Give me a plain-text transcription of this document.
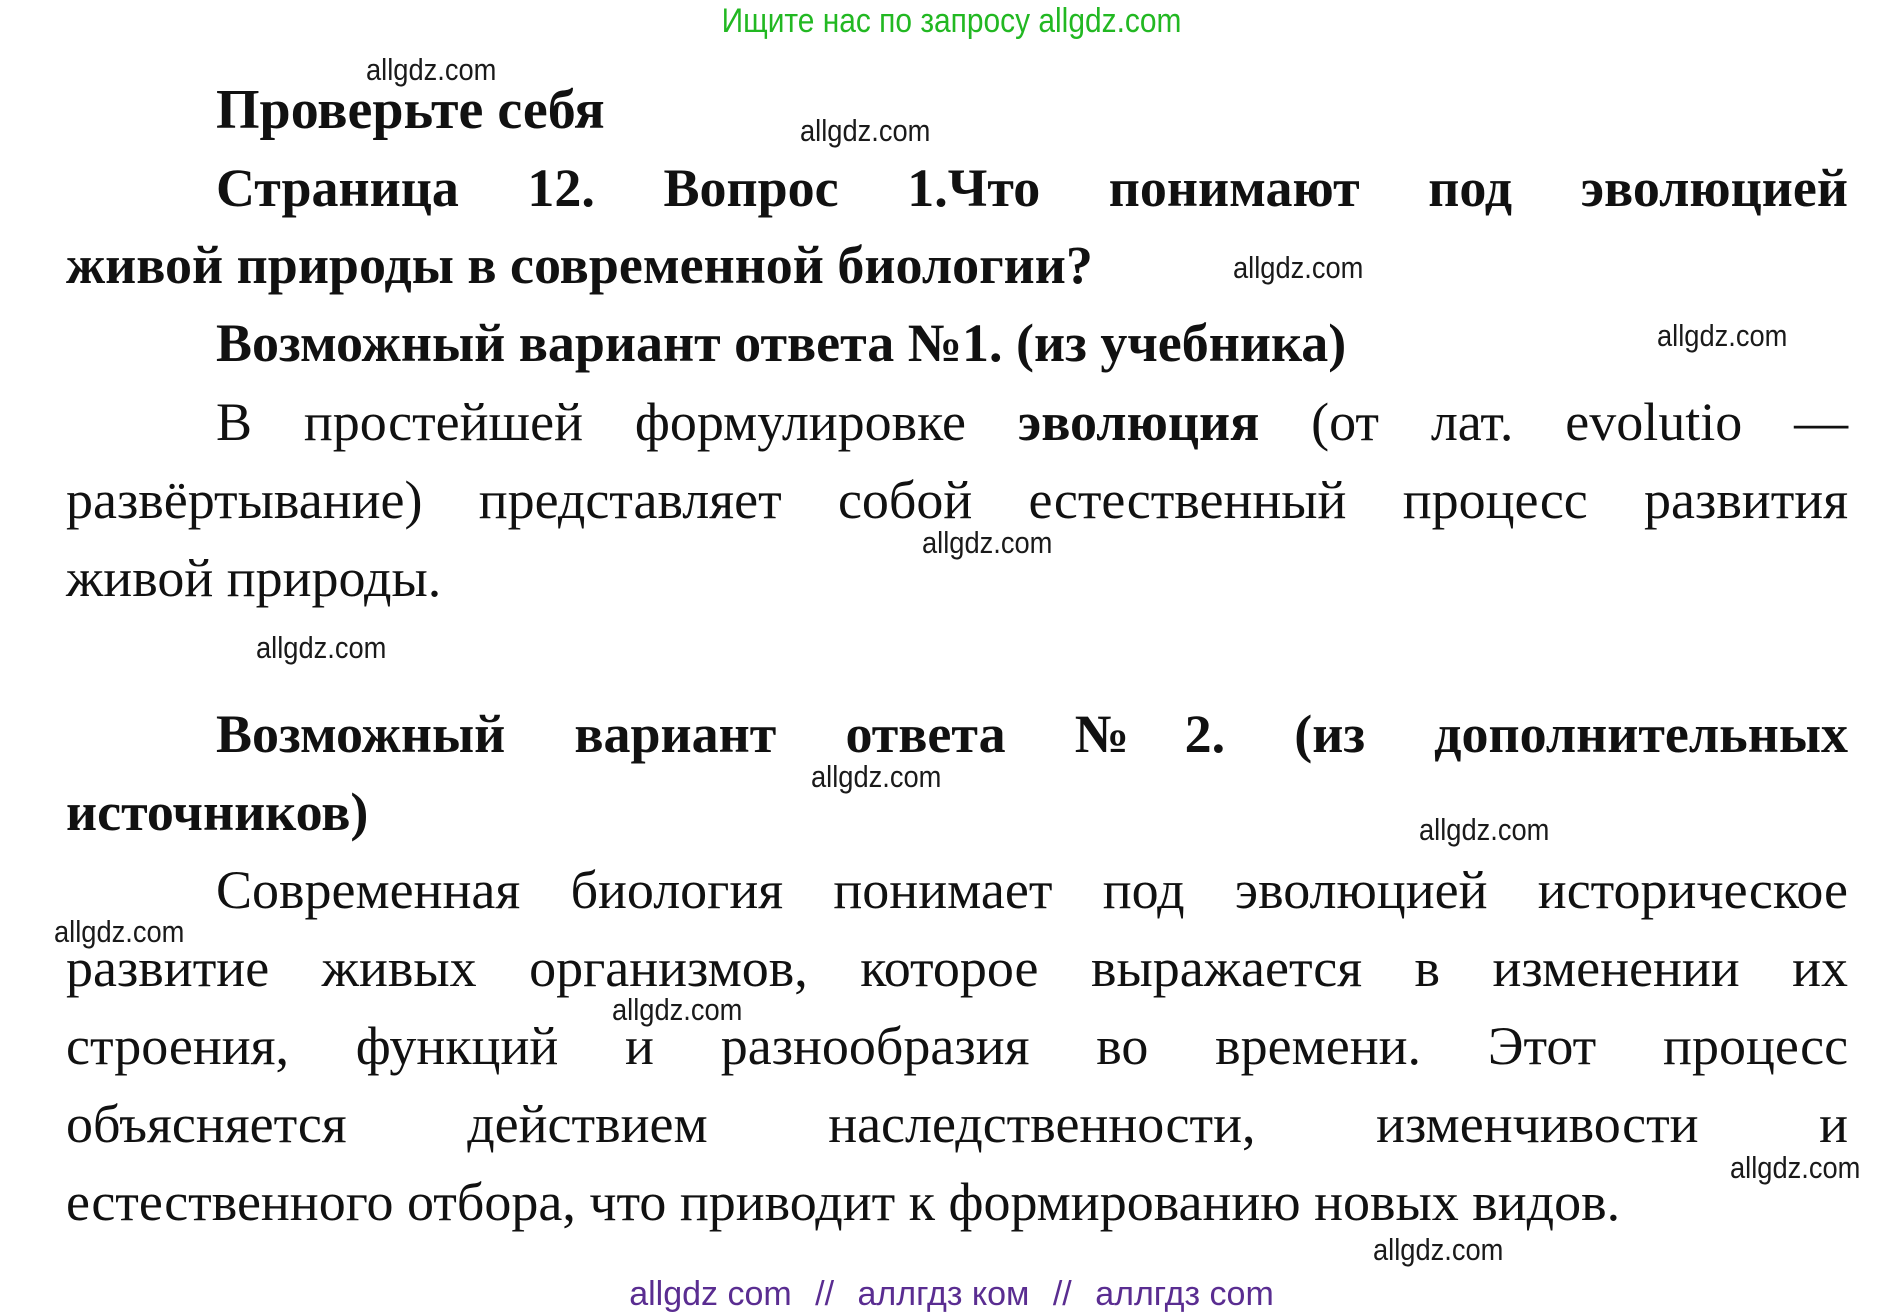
Ищите нас по запросу allgdz.com
Проверьте себя
Страница 12. Вопрос 1.Что понимают под эволюцией
живой природы в современной биологии?
Возможный вариант ответа №1. (из учебника)
В простейшей формулировке эволюция (от лат. evolutio —
развёртывание) представляет собой естественный процесс развития
живой природы.
Возможный вариант ответа №2. (из дополнительных
источников)
Современная биология понимает под эволюцией историческое
развитие живых организмов, которое выражается в изменении их
строения, функций и разнообразия во времени. Этот процесс
объясняется действием наследственности, изменчивости и
естественного отбора, что приводит к формированию новых видов.
allgdz.com
allgdz.com
allgdz.com
allgdz.com
allgdz.com
allgdz.com
allgdz.com
allgdz.com
allgdz.com
allgdz.com
allgdz.com
allgdz.com
allgdz com // аллгдз ком // аллгдз com
